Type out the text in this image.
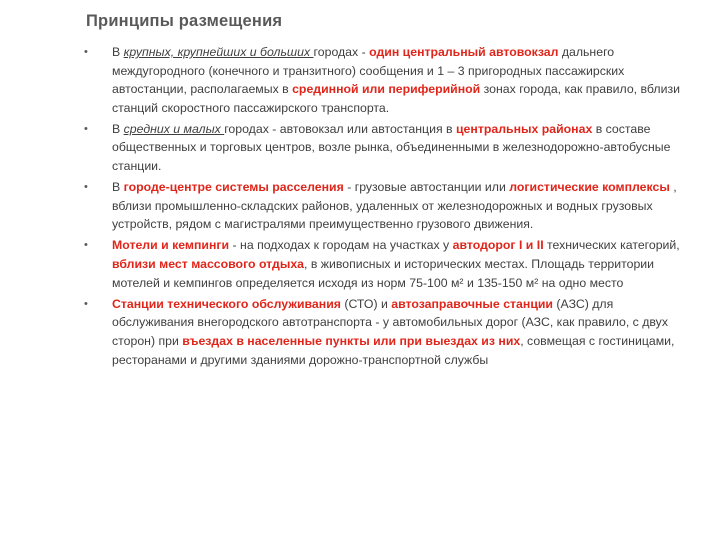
Принципы размещения
• В крупных, крупнейших и больших городах - один центральный автовокзал дальнего междугородного (конечного и транзитного) сообщения и 1 – 3 пригородных пассажирских автостанции, располагаемых в срединной или периферийной зонах города, как правило, вблизи станций скоростного пассажирского транспорта.
• В средних и малых городах - автовокзал или автостанция в центральных районах в составе общественных и торговых центров, возле рынка, объединенными в железнодорожно-автобусные станции.
• В городе-центре системы расселения - грузовые автостанции или логистические комплексы , вблизи промышленно-складских районов, удаленных от железнодорожных и водных грузовых устройств, рядом с магистралями преимущественно грузового движения.
• Мотели и кемпинги - на подходах к городам на участках у автодорог I и II технических категорий, вблизи мест массового отдыха, в живописных и исторических местах. Площадь территории мотелей и кемпингов определяется исходя из норм 75-100 м² и 135-150 м² на одно место
• Станции технического обслуживания (СТО) и автозаправочные станции (АЗС) для обслуживания внегородского автотранспорта - у автомобильных дорог (АЗС, как правило, с двух сторон) при въездах в населенные пункты или при выездах из них, совмещая с гостиницами, ресторанами и другими зданиями дорожно-транспортной службы
